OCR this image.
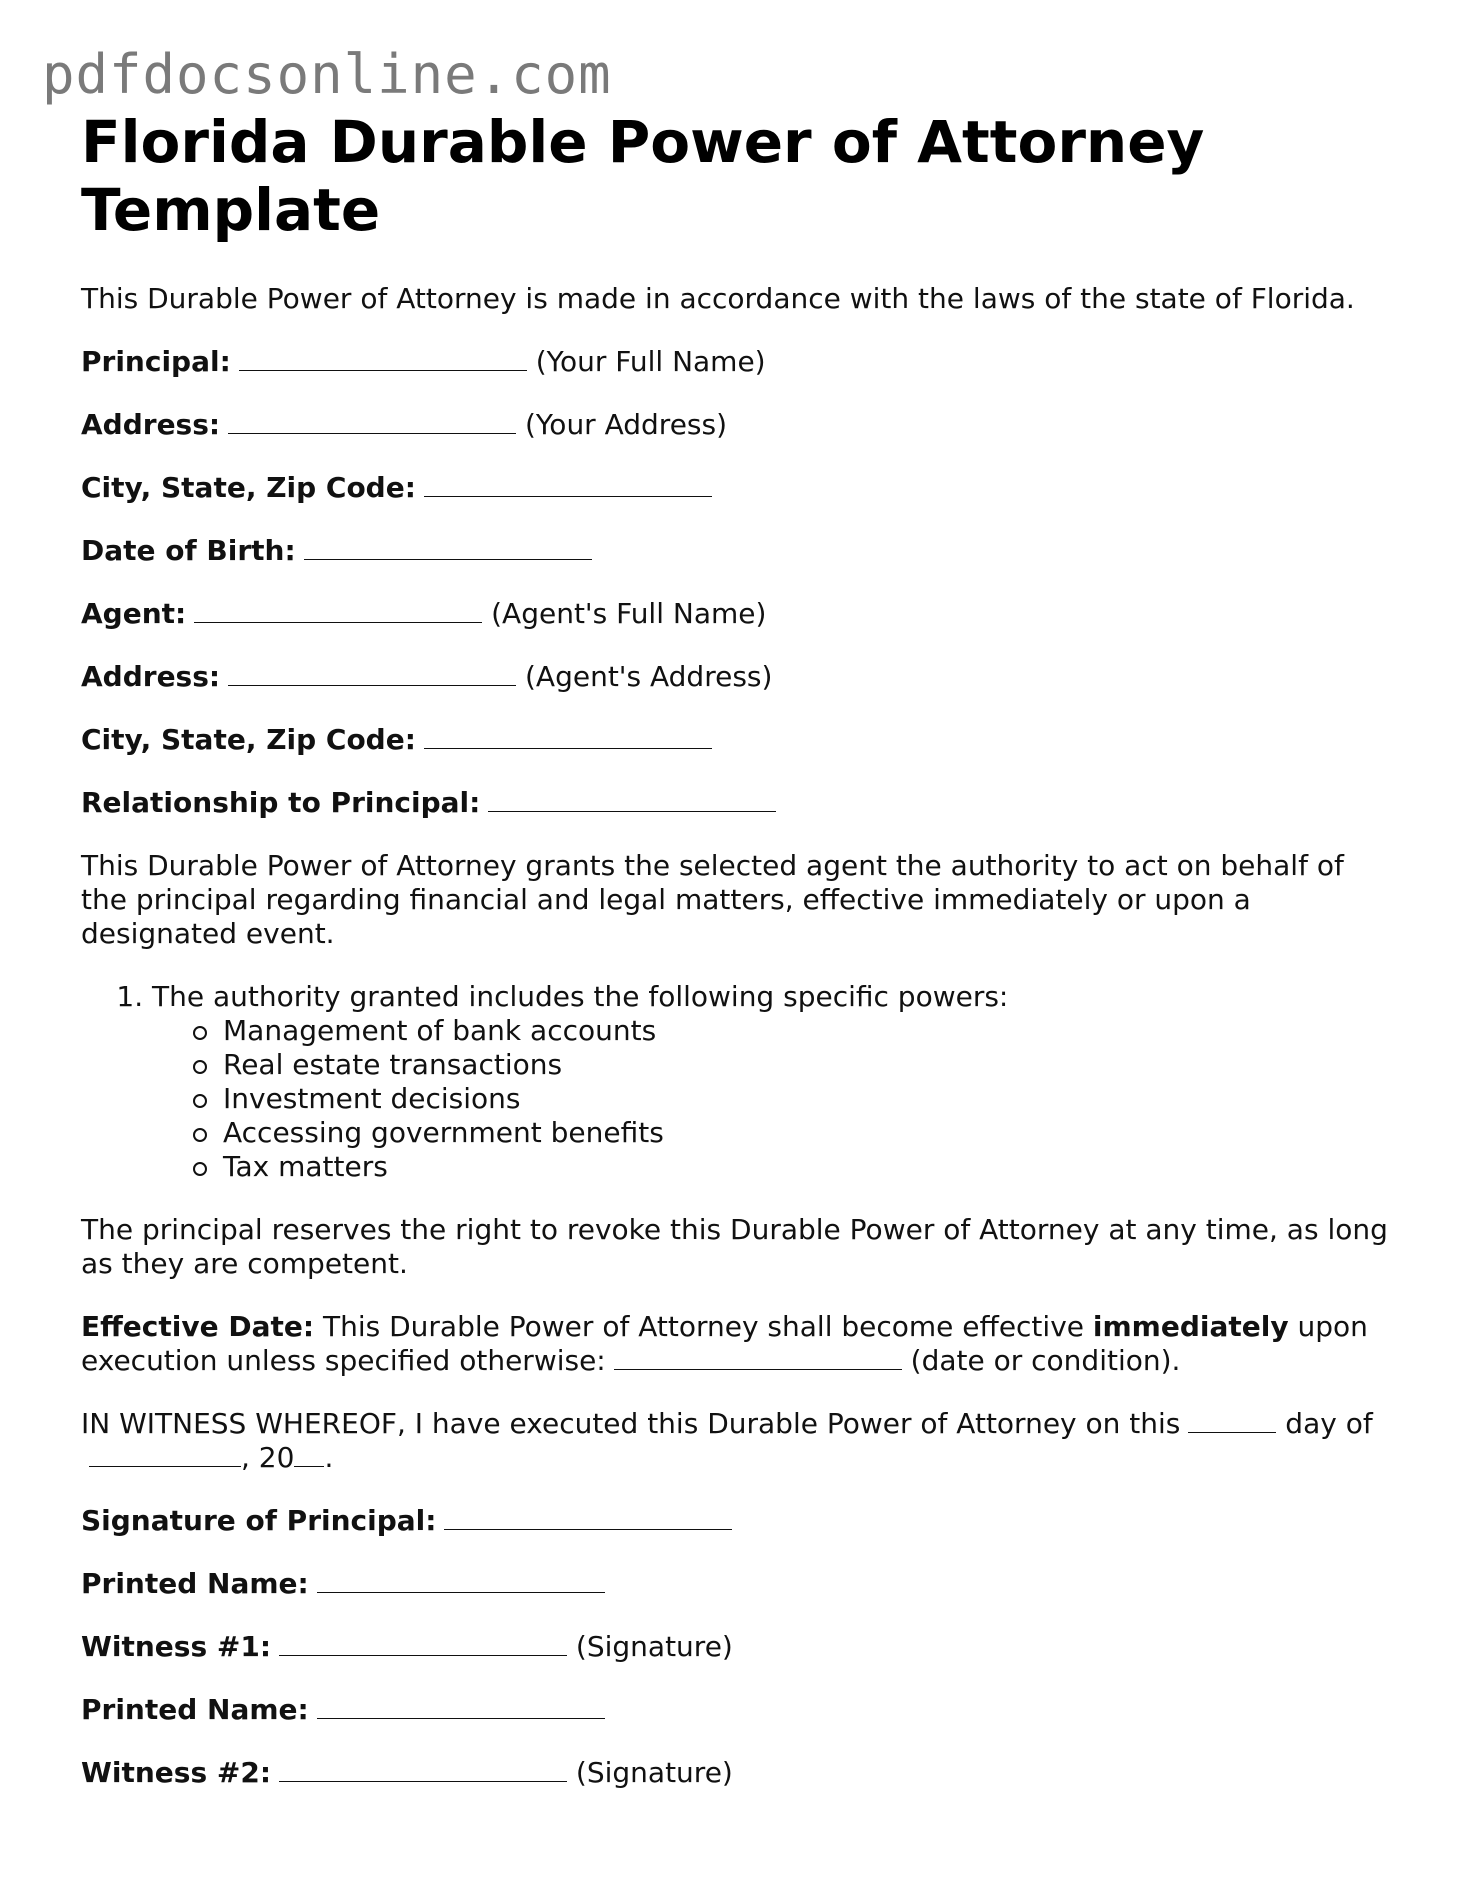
pdfdocsonline.com
Florida Durable Power of Attorney Template

This Durable Power of Attorney is made in accordance with the laws of the state of Florida.

Principal:	(Your Full Name)

Address:	(Your Address)

City, State, Zip Code:

Date of Birth:

Agent:	(Agent's Full Name)

Address:	(Agent's Address)

City, State, Zip Code:

Relationship to Principal:

This Durable Power of Attorney grants the selected agent the authority to act on behalf of the principal regarding financial and legal matters, effective immediately or upon a designated event.

1. The authority granted includes the following specific powers:
Management of bank accounts
Real estate transactions
Investment decisions
Accessing government benefits
Tax matters

The principal reserves the right to revoke this Durable Power of Attorney at any time, as long as they are competent.

Effective Date: This Durable Power of Attorney shall become effective immediately upon execution unless specified otherwise:	(date or condition).

IN WITNESS WHEREOF, I have executed this Durable Power of Attorney on this	day of, 20 .

Signature of Principal:

Printed Name:

Witness #1:	(Signature)

Printed Name:

Witness #2:	(Signature)
